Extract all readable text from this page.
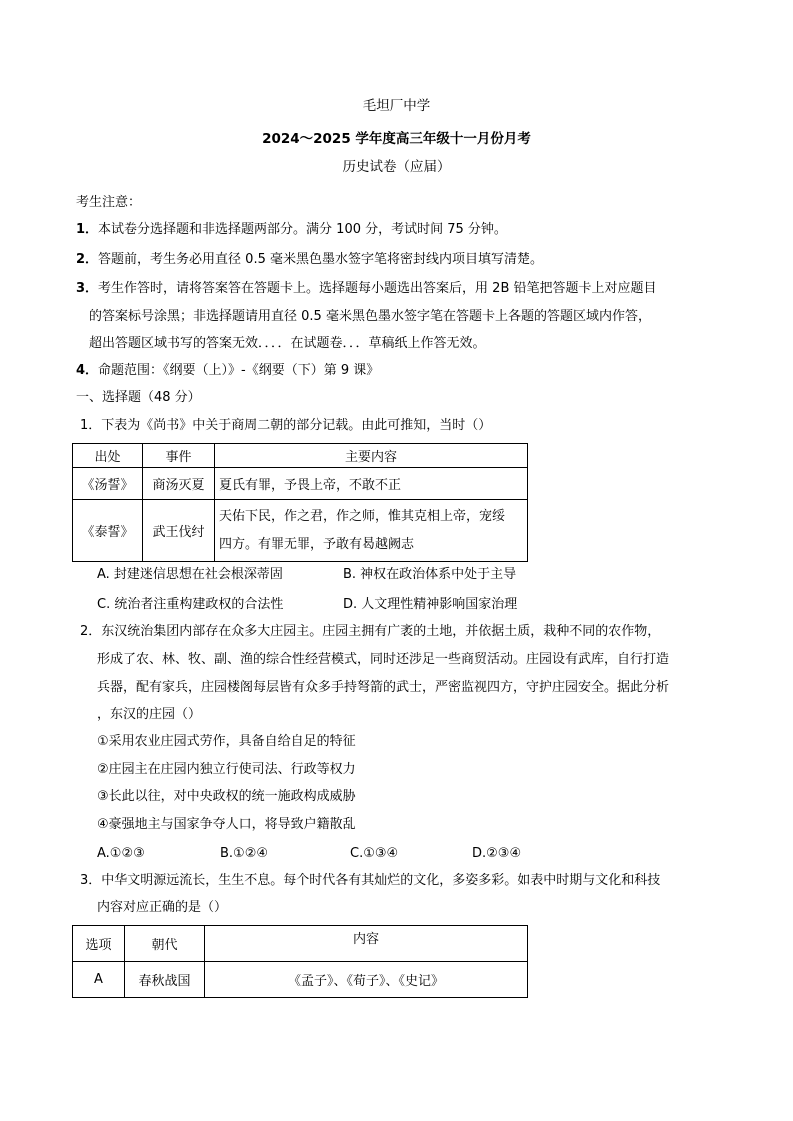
毛坦厂中学
2024～2025 学年度高三年级十一月份月考
历史试卷（应届）
考生注意：
1．本试卷分选择题和非选择题两部分。满分 100 分，考试时间 75 分钟。
2．答题前，考生务必用直径 0.5 毫米黑色墨水签字笔将密封线内项目填写清楚。
3．考生作答时，请将答案答在答题卡上。选择题每小题选出答案后，用 2B 铅笔把答题卡上对应题目
的答案标号涂黑；非选择题请用直径 0.5 毫米黑色墨水签字笔在答题卡上各题的答题区域内作答，
超出答题区域书写的答案无效．．．．在试题卷．．．草稿纸上作答无效。
4．命题范围：《纲要（上）》-《纲要（下）第 9 课》
一、选择题（48 分）
1．下表为《尚书》中关于商周二朝的部分记载。由此可推知，当时（）
出处	事件	主要内容
《汤誓》	商汤灭夏	夏氏有罪，予畏上帝，不敢不正
《泰誓》	武王伐纣	天佑下民，作之君，作之师，惟其克相上帝，宠绥
四方。有罪无罪，予敢有曷越阙志
A. 封建迷信思想在社会根深蒂固	B. 神权在政治体系中处于主导
C. 统治者注重构建政权的合法性	D. 人文理性精神影响国家治理
2．东汉统治集团内部存在众多大庄园主。庄园主拥有广袤的土地，并依据土质，栽种不同的农作物，
形成了农、林、牧、副、渔的综合性经营模式，同时还涉足一些商贸活动。庄园设有武库，自行打造
兵器，配有家兵，庄园楼阁每层皆有众多手持弩箭的武士，严密监视四方，守护庄园安全。据此分析
，东汉的庄园（）
①采用农业庄园式劳作，具备自给自足的特征
②庄园主在庄园内独立行使司法、行政等权力
③长此以往，对中央政权的统一施政构成威胁
④豪强地主与国家争夺人口，将导致户籍散乱
A.①②③	B.①②④	C.①③④	D.②③④
3．中华文明源远流长，生生不息。每个时代各有其灿烂的文化，多姿多彩。如表中时期与文化和科技
内容对应正确的是（）
选项	朝代	内容
A	春秋战国	《孟子》、《荀子》、《史记》
